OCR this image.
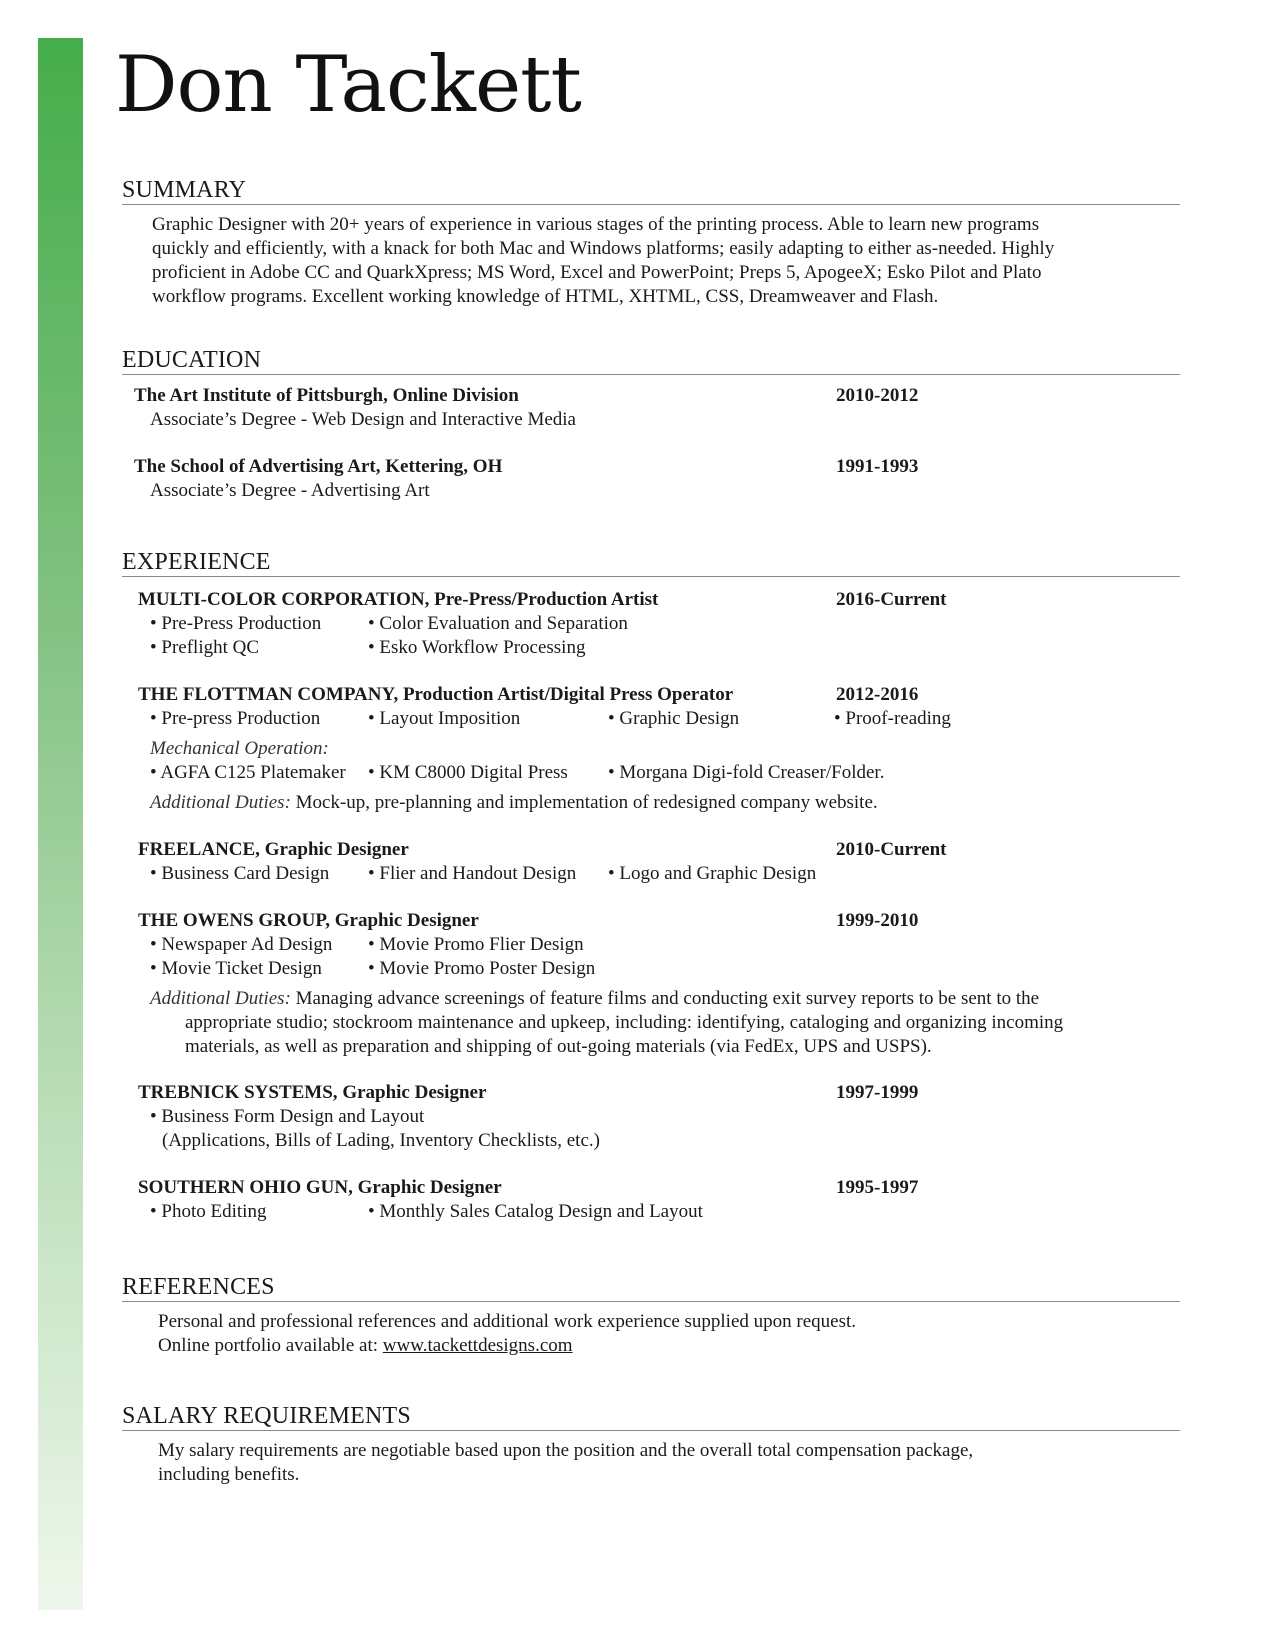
Don Tackett
SUMMARY
Graphic Designer with 20+ years of experience in various stages of the printing process. Able to learn new programs
quickly and efficiently, with a knack for both Mac and Windows platforms; easily adapting to either as-needed. Highly
proficient in Adobe CC and QuarkXpress; MS Word, Excel and PowerPoint; Preps 5, ApogeeX; Esko Pilot and Plato
workflow programs. Excellent working knowledge of HTML, XHTML, CSS, Dreamweaver and Flash.
EDUCATION
The Art Institute of Pittsburgh, Online Division	2010-2012
Associate’s Degree - Web Design and Interactive Media
The School of Advertising Art, Kettering, OH	1991-1993
Associate’s Degree - Advertising Art
EXPERIENCE
MULTI-COLOR CORPORATION, Pre-Press/Production Artist	2016-Current
• Pre-Press Production • Color Evaluation and Separation
• Preflight QC	• Esko Workflow Processing
THE FLOTTMAN COMPANY, Production Artist/Digital Press Operator	2012-2016
• Pre-press Production	• Layout Imposition	• Graphic Design	• Proof-reading
Mechanical Operation:
• AGFA C125 Platemaker • KM C8000 Digital Press • Morgana Digi-fold Creaser/Folder.
Additional Duties: Mock-up, pre-planning and implementation of redesigned company website.
FREELANCE, Graphic Designer	2010-Current
• Business Card Design • Flier and Handout Design • Logo and Graphic Design
THE OWENS GROUP, Graphic Designer	1999-2010
• Newspaper Ad Design • Movie Promo Flier Design
• Movie Ticket Design • Movie Promo Poster Design
Additional Duties: Managing advance screenings of feature films and conducting exit survey reports to be sent to the
appropriate studio; stockroom maintenance and upkeep, including: identifying, cataloging and organizing incoming
materials, as well as preparation and shipping of out-going materials (via FedEx, UPS and USPS).
TREBNICK SYSTEMS, Graphic Designer	1997-1999
• Business Form Design and Layout
(Applications, Bills of Lading, Inventory Checklists, etc.)
SOUTHERN OHIO GUN, Graphic Designer	1995-1997
• Photo Editing	• Monthly Sales Catalog Design and Layout
REFERENCES
Personal and professional references and additional work experience supplied upon request.
Online portfolio available at: www.tackettdesigns.com
SALARY REQUIREMENTS
My salary requirements are negotiable based upon the position and the overall total compensation package,
including benefits.
